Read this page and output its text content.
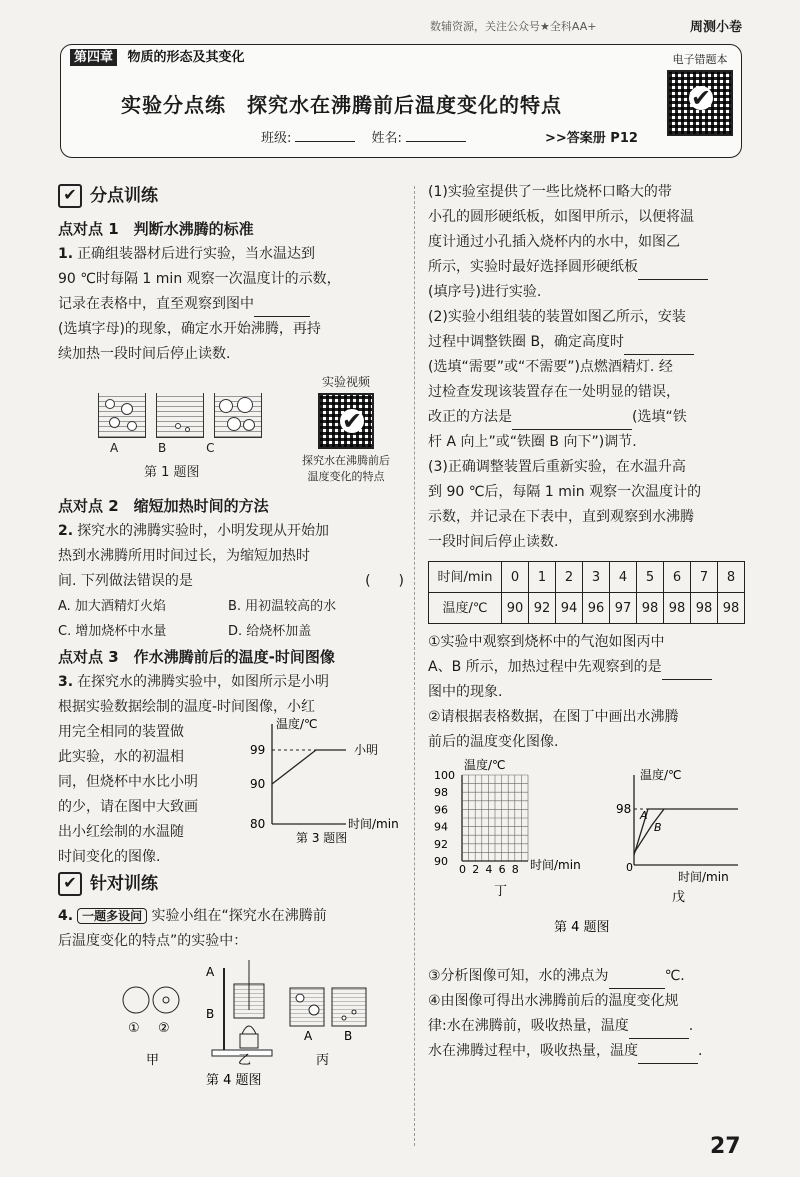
数辅资源，关注公众号★全科AA+	周测小卷
第四章 物质的形态及其变化
实验分点练　探究水在沸腾前后温度变化的特点
班级:	姓名:	>>答案册 P12
电子错题本
✔
✔ 分点训练
点对点 1　判断水沸腾的标准
1. 正确组装器材后进行实验，当水温达到
90 ℃时每隔 1 min 观察一次温度计的示数，
记录在表格中，直至观察到图中
(选填字母)的现象，确定水开始沸腾，再持
续加热一段时间后停止读数.
A	B	C
第 1 题图
实验视频
✔
探究水在沸腾前后
温度变化的特点
点对点 2　缩短加热时间的方法
2. 探究水的沸腾实验时，小明发现从开始加
热到水沸腾所用时间过长，为缩短加热时
间. 下列做法错误的是	(　　)
A. 加大酒精灯火焰	B. 用初温较高的水
C. 增加烧杯中水量	D. 给烧杯加盖
点对点 3　作水沸腾前后的温度-时间图像
3. 在探究水的沸腾实验中，如图所示是小明
根据实验数据绘制的温度-时间图像，小红
用完全相同的装置做
此实验，水的初温相
同，但烧杯中水比小明
的少，请在图中大致画
出小红绘制的水温随
时间变化的图像.
温度/℃
时间/min
99
90
80
小明
第 3 题图
✔ 针对训练
4. 一题多设问 实验小组在“探究水在沸腾前
后温度变化的特点”的实验中：
① ②
A
B
A	B
甲	乙	丙
第 4 题图
(1)实验室提供了一些比烧杯口略大的带
小孔的圆形硬纸板，如图甲所示，以便将温
度计通过小孔插入烧杯内的水中，如图乙
所示，实验时最好选择圆形硬纸板
(填序号)进行实验.
(2)实验小组组装的装置如图乙所示，安装
过程中调整铁圈 B，确定高度时
(选填“需要”或“不需要”)点燃酒精灯. 经
过检查发现该装置存在一处明显的错误，
改正的方法是	(选填“铁
杆 A 向上”或“铁圈 B 向下”)调节.
(3)正确调整装置后重新实验，在水温升高
到 90 ℃后，每隔 1 min 观察一次温度计的
示数，并记录在下表中，直到观察到水沸腾
一段时间后停止读数.
时间/min	0	1	2	3	4	5	6	7	8
温度/℃	90	92	94	96	97	98	98	98	98
①实验中观察到烧杯中的气泡如图丙中
A、B 所示，加热过程中先观察到的是
图中的现象.
②请根据表格数据，在图丁中画出水沸腾
前后的温度变化图像.
温度/℃
时间/min
100
98
96
94
92
90
0 2 4 6 8
丁
温度/℃
98 A
B
0
时间/min
戊
第 4 题图
③分析图像可知，水的沸点为	℃.
④由图像可得出水沸腾前后的温度变化规
律:水在沸腾前，吸收热量，温度	.
水在沸腾过程中，吸收热量，温度	.
27
